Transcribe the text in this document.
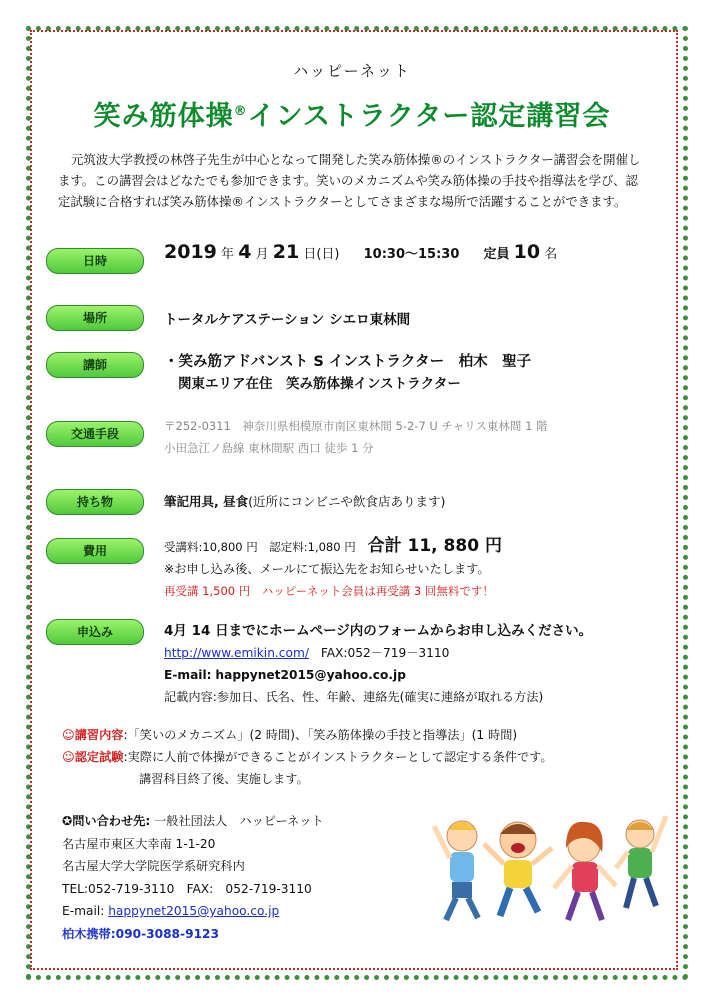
ハッピーネット
笑み筋体操®インストラクター認定講習会
元筑波大学教授の林啓子先生が中心となって開発した笑み筋体操®のインストラクター講習会を開催します。この講習会はどなたでも参加できます。笑いのメカニズムや笑み筋体操の手技や指導法を学び、認定試験に合格すれば笑み筋体操®インストラクターとしてさまざまな場所で活躍することができます。
日時	2019 年 4 月 21 日(日) 10:30～15:30 定員 10 名
場所	トータルケアステーション シエロ東林間
講師	・笑み筋アドバンスト S インストラクター　柏木　聖子
関東エリア在住　笑み筋体操インストラクター
交通手段
〒252-0311　神奈川県相模原市南区東林間 5-2-7 U チャリス東林間 1 階
小田急江ノ島線 東林間駅 西口 徒歩 1 分
持ち物	筆記用具, 昼食(近所にコンビニや飲食店あります)
費用	受講料:10,800 円　認定料:1,080 円 合計 11, 880 円
※お申し込み後、メールにて振込先をお知らせいたします。
再受講 1,500 円　ハッピーネット会員は再受講 3 回無料です！
申込み	4月 14 日までにホームページ内のフォームからお申し込みください。
http://www.emikin.com/ FAX:052－719－3110
E-mail: happynet2015@yahoo.co.jp
記載内容:参加日、氏名、性、年齢、連絡先(確実に連絡が取れる方法)
☺講習内容:「笑いのメカニズム」(2 時間)、「笑み筋体操の手技と指導法」(1 時間)
☺認定試験:実際に人前で体操ができることがインストラクターとして認定する条件です。
講習科目終了後、実施します。
✪問い合わせ先: 一般社団法人　ハッピーネット
名古屋市東区大幸南 1-1-20
名古屋大学大学院医学系研究科内
TEL:052-719-3110　FAX:　052-719-3110
E-mail: happynet2015@yahoo.co.jp
柏木携帯:090-3088-9123
